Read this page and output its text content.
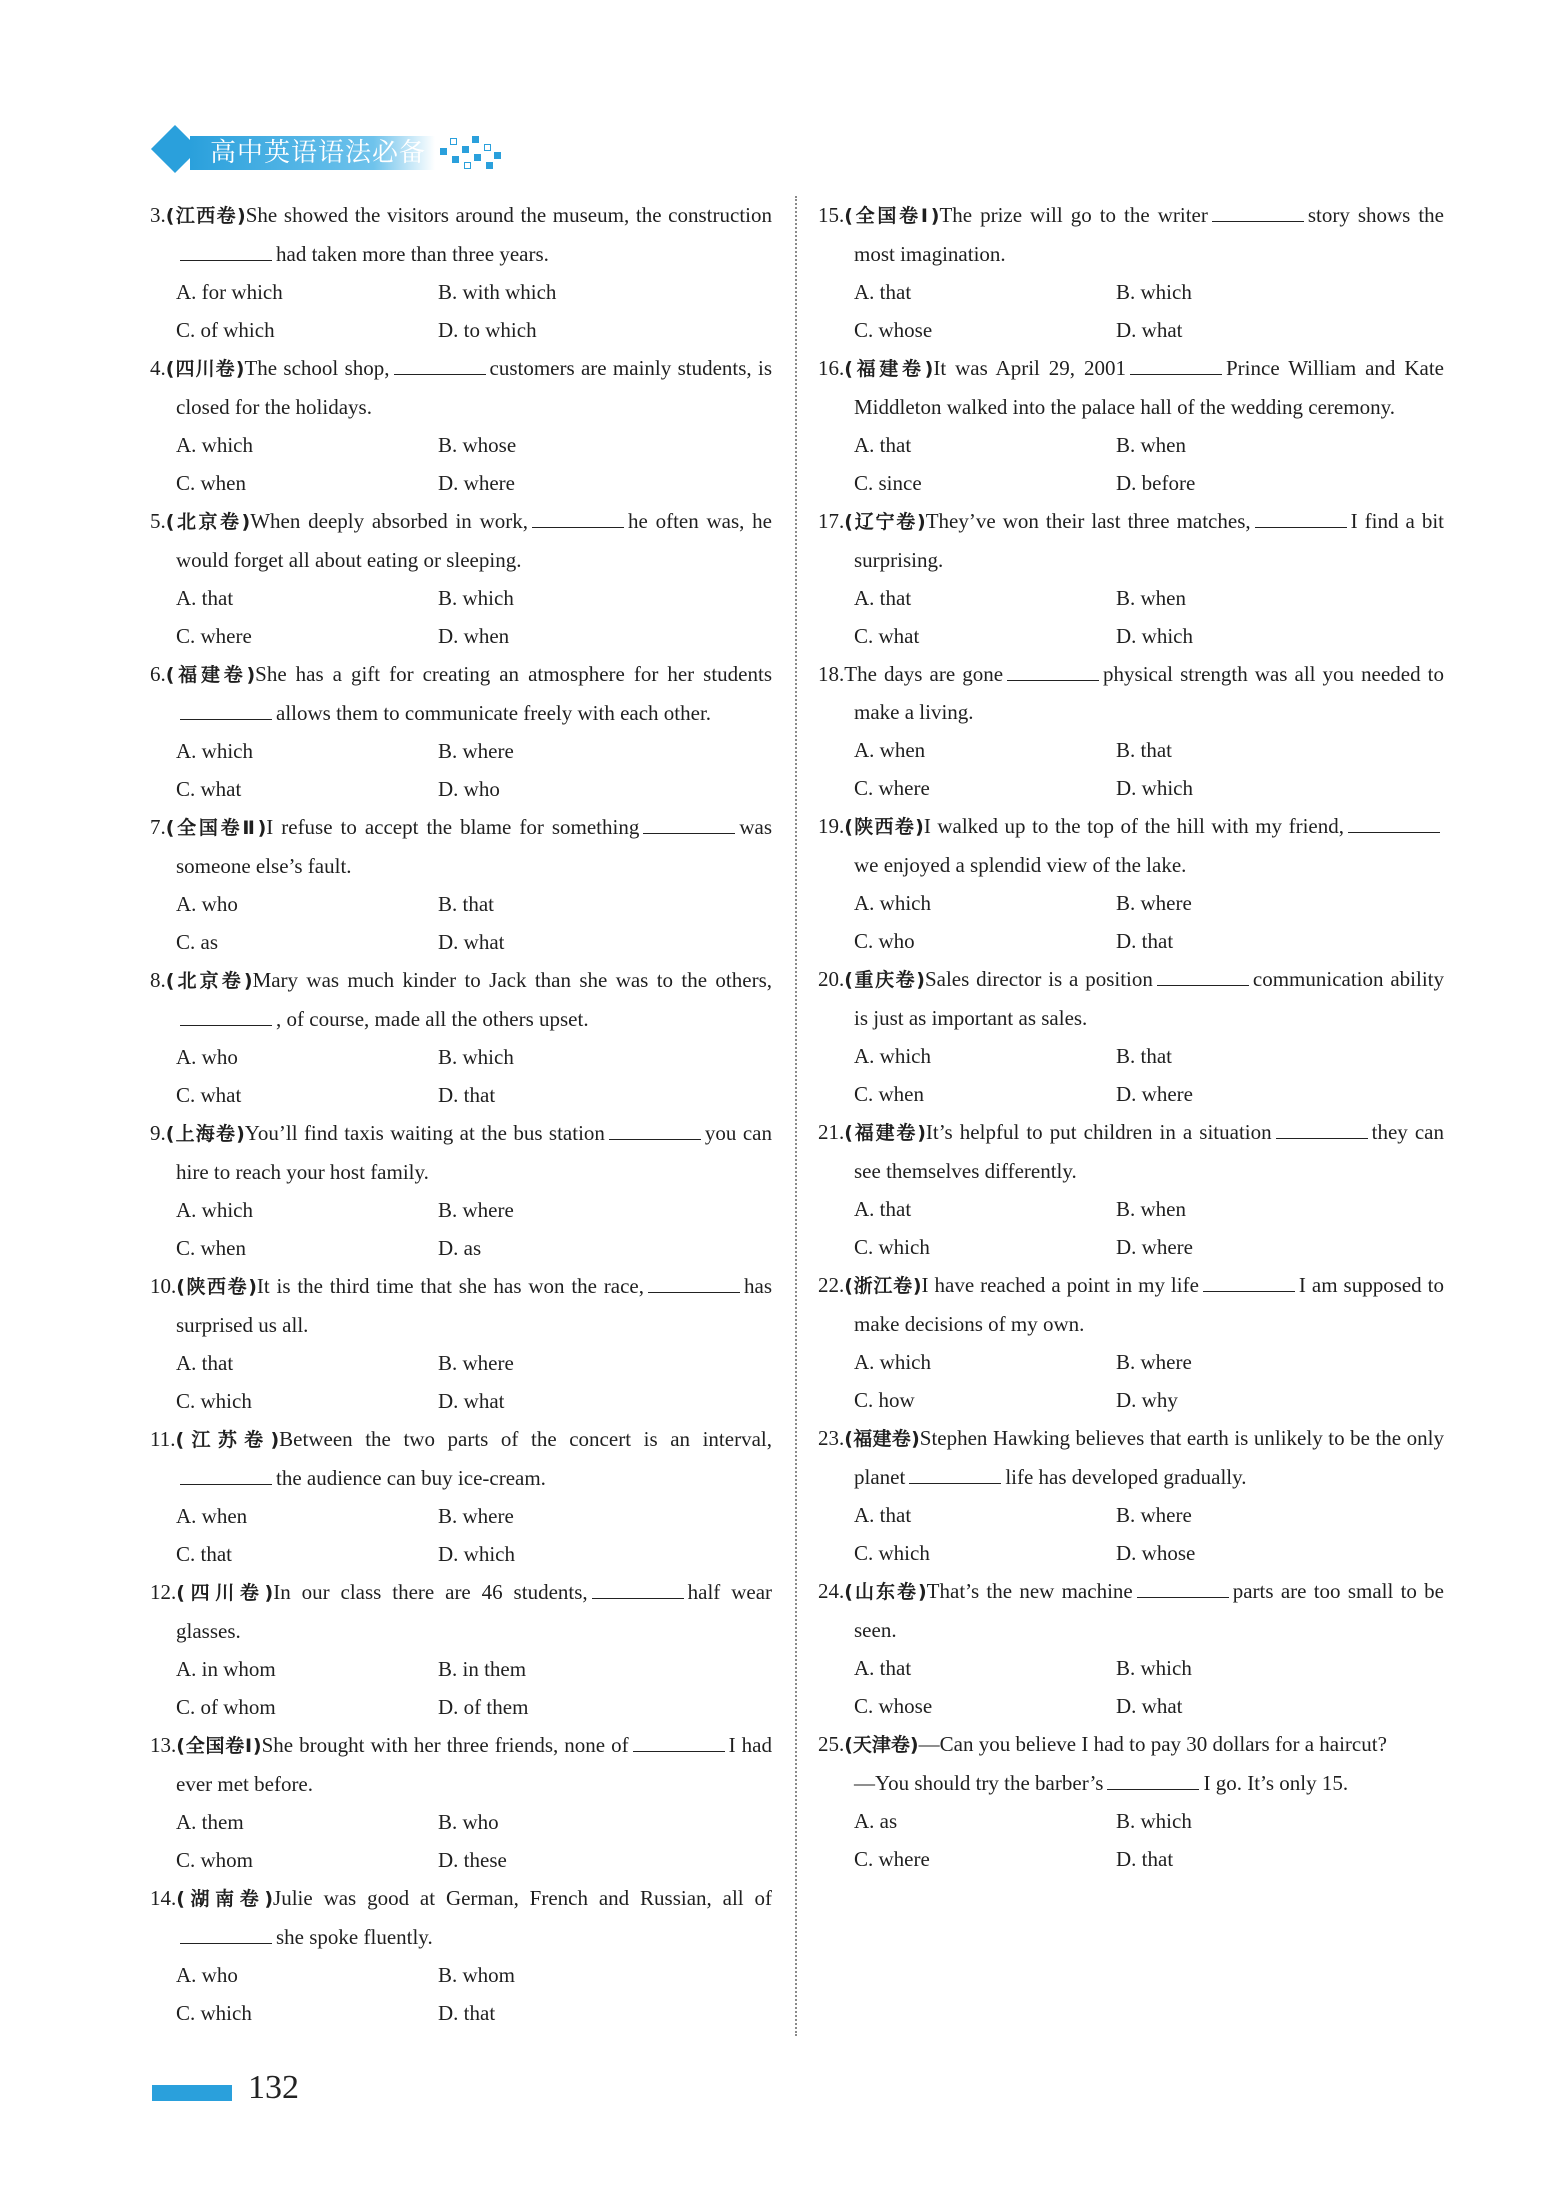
高中英语语法必备
3.(江西卷)She showed the visitors around the museum, the constructionhad taken more than three years.
A. for which	B. with which
C. of which	D. to which
4.(四川卷)The school shop,	customers are mainly students, is closed for the holidays.
A. which	B. whose
C. when	D. where
5.(北京卷)When deeply absorbed in work,	he often was, he would forget all about eating or sleeping.
A. that	B. which
C. where	D. when
6.(福建卷)She has a gift for creating an atmosphere for her studentsallows them to communicate freely with each other.
A. which	B. where
C. what	D. who
7.(全国卷Ⅱ)I refuse to accept the blame for something	was someone else’s fault.
A. who	B. that
C. as	D. what
8.(北京卷)Mary was much kinder to Jack than she was to the others,, of course, made all the others upset.
A. who	B. which
C. what	D. that
9.(上海卷)You’ll find taxis waiting at the bus station	you can hire to reach your host family.
A. which	B. where
C. when	D. as
10.(陕西卷)It is the third time that she has won the race,	has surprised us all.
A. that	B. where
C. which	D. what
11.(江苏卷)Between the two parts of the concert is an interval,the audience can buy ice-cream.
A. when	B. where
C. that	D. which
12.(四川卷)In our class there are 46 students,	half wear glasses.
A. in whom	B. in them
C. of whom	D. of them
13.(全国卷Ⅰ)She brought with her three friends, none of	I had ever met before.
A. them	B. who
C. whom	D. these
14.(湖南卷)Julie was good at German, French and Russian, all ofshe spoke fluently.
A. who	B. whom
C. which	D. that
15.(全国卷Ⅰ)The prize will go to the writer	story shows the most imagination.
A. that	B. which
C. whose	D. what
16.(福建卷)It was April 29, 2001	Prince William and Kate Middleton walked into the palace hall of the wedding ceremony.
A. that	B. when
C. since	D. before
17.(辽宁卷)They’ve won their last three matches,	I find a bit surprising.
A. that	B. when
C. what	D. which
18.The days are gone	physical strength was all you needed to make a living.
A. when	B. that
C. where	D. which
19.(陕西卷)I walked up to the top of the hill with my friend,we enjoyed a splendid view of the lake.
A. which	B. where
C. who	D. that
20.(重庆卷)Sales director is a position	communication ability is just as important as sales.
A. which	B. that
C. when	D. where
21.(福建卷)It’s helpful to put children in a situation	they can see themselves differently.
A. that	B. when
C. which	D. where
22.(浙江卷)I have reached a point in my life	I am supposed to make decisions of my own.
A. which	B. where
C. how	D. why
23.(福建卷)Stephen Hawking believes that earth is unlikely to be the only planet	life has developed gradually.
A. that	B. where
C. which	D. whose
24.(山东卷)That’s the new machine	parts are too small to be seen.
A. that	B. which
C. whose	D. what
25.(天津卷)—Can you believe I had to pay 30 dollars for a haircut?
—You should try the barber’s	I go. It’s only 15.
A. as	B. which
C. where	D. that
132
